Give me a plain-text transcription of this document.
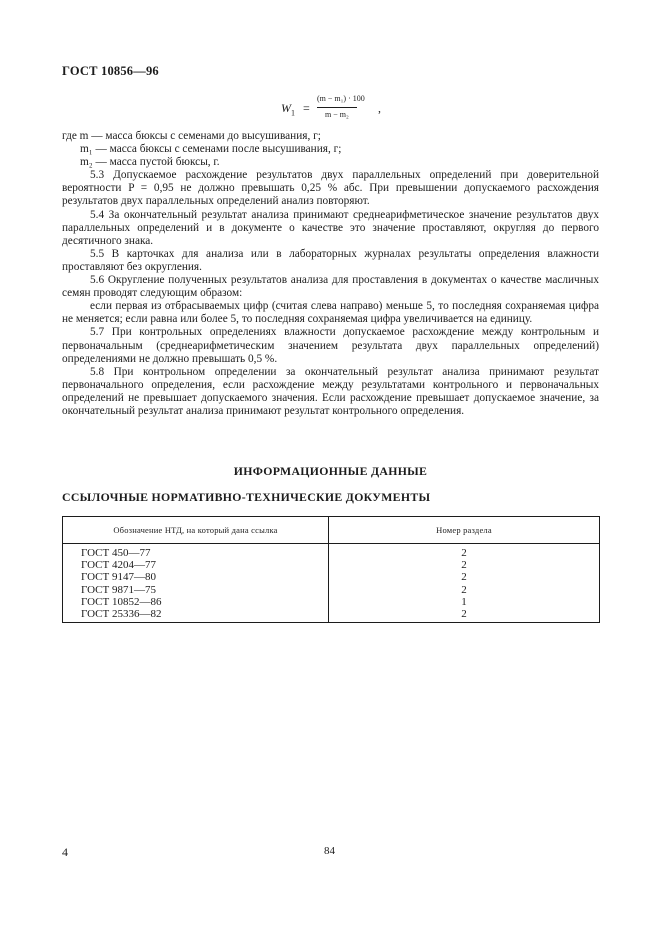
ГОСТ 10856—96
$W_1$ =
(m − m₁) · 100
m − m₂ ,

где m — масса бюксы с семенами до высушивания, г;

m₁ — масса бюксы с семенами после высушивания, г;

m₂ — масса пустой бюксы, г.

5.3 Допускаемое расхождение результатов двух параллельных определений при доверительной вероятности P = 0,95 не должно превышать 0,25 % абс. При превышении допускаемого расхождения результатов двух параллельных определений анализ повторяют.

5.4 За окончательный результат анализа принимают среднеарифметическое значение результатов двух параллельных определений и в документе о качестве это значение проставляют, округляя до первого десятичного знака.

5.5 В карточках для анализа или в лабораторных журналах результаты определения влажности проставляют без округления.

5.6 Округление полученных результатов анализа для проставления в документах о качестве масличных семян проводят следующим образом:

если первая из отбрасываемых цифр (считая слева направо) меньше 5, то последняя сохраняемая цифра не меняется; если равна или более 5, то последняя сохраняемая цифра увеличивается на единицу.

5.7 При контрольных определениях влажности допускаемое расхождение между контрольным и первоначальным (среднеарифметическим значением результата двух параллельных определений) определениями не должно превышать 0,5 %.

5.8 При контрольном определении за окончательный результат анализа принимают результат первоначального определения, если расхождение между результатами контрольного и первоначальных определений не превышает допускаемого значения. Если расхождение превышает допускаемое значение, за окончательный результат анализа принимают результат контрольного определения.

ИНФОРМАЦИОННЫЕ ДАННЫЕ
ССЫЛОЧНЫЕ НОРМАТИВНО-ТЕХНИЧЕСКИЕ ДОКУМЕНТЫ
Обозначение НТД, на который дана ссылка	Номер раздела
ГОСТ 450—77	2
ГОСТ 4204—77	2
ГОСТ 9147—80	2
ГОСТ 9871—75	2
ГОСТ 10852—86	1
ГОСТ 25336—82	2
4	84
